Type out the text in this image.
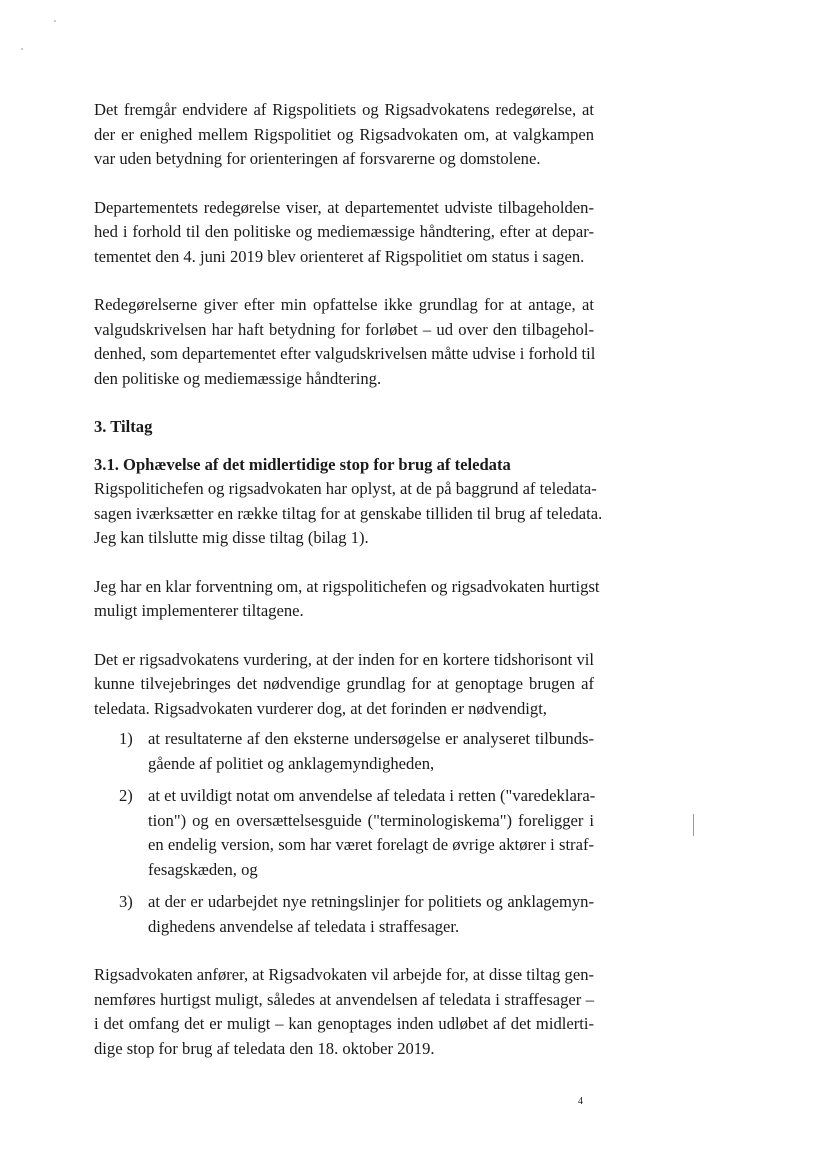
Det fremgår endvidere af Rigspolitiets og Rigsadvokatens redegørelse, at
der er enighed mellem Rigspolitiet og Rigsadvokaten om, at valgkampen
var uden betydning for orienteringen af forsvarerne og domstolene.
Departementets redegørelse viser, at departementet udviste tilbageholden-
hed i forhold til den politiske og mediemæssige håndtering, efter at depar-
tementet den 4. juni 2019 blev orienteret af Rigspolitiet om status i sagen.
Redegørelserne giver efter min opfattelse ikke grundlag for at antage, at
valgudskrivelsen har haft betydning for forløbet – ud over den tilbagehol-
denhed, som departementet efter valgudskrivelsen måtte udvise i forhold til
den politiske og mediemæssige håndtering.
3. Tiltag
3.1. Ophævelse af det midlertidige stop for brug af teledata
Rigspolitichefen og rigsadvokaten har oplyst, at de på baggrund af teledata-
sagen iværksætter en række tiltag for at genskabe tilliden til brug af teledata.
Jeg kan tilslutte mig disse tiltag (bilag 1).
Jeg har en klar forventning om, at rigspolitichefen og rigsadvokaten hurtigst
muligt implementerer tiltagene.
Det er rigsadvokatens vurdering, at der inden for en kortere tidshorisont vil
kunne tilvejebringes det nødvendige grundlag for at genoptage brugen af
teledata. Rigsadvokaten vurderer dog, at det forinden er nødvendigt,
1) at resultaterne af den eksterne undersøgelse er analyseret tilbunds-
gående af politiet og anklagemyndigheden,
2) at et uvildigt notat om anvendelse af teledata i retten ("varedeklara-
tion") og en oversættelsesguide ("terminologiskema") foreligger i
en endelig version, som har været forelagt de øvrige aktører i straf-
fesagskæden, og
3) at der er udarbejdet nye retningslinjer for politiets og anklagemyn-
dighedens anvendelse af teledata i straffesager.
Rigsadvokaten anfører, at Rigsadvokaten vil arbejde for, at disse tiltag gen-
nemføres hurtigst muligt, således at anvendelsen af teledata i straffesager –
i det omfang det er muligt – kan genoptages inden udløbet af det midlerti-
dige stop for brug af teledata den 18. oktober 2019.
4
